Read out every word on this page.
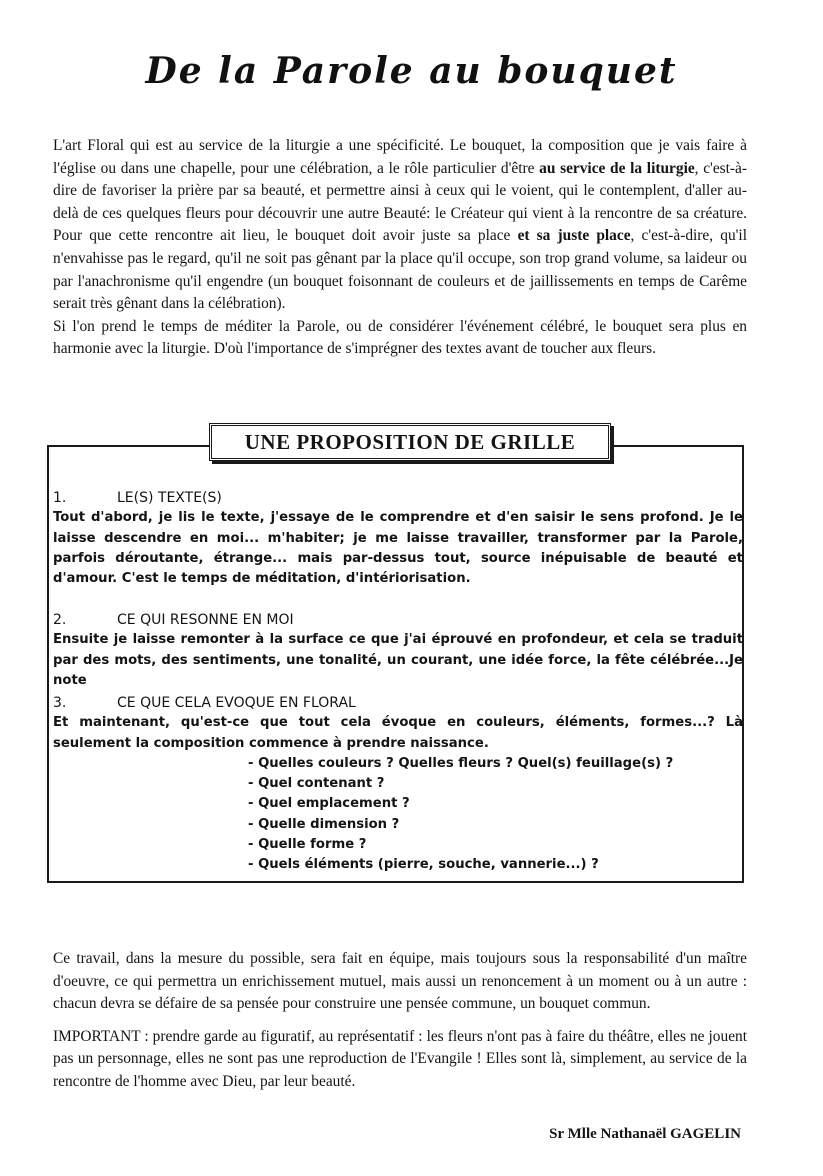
De la Parole au bouquet

L'art Floral qui est au service de la liturgie a une spécificité. Le bouquet, la composition que je vais faire à l'église ou dans une chapelle, pour une célébration, a le rôle particulier d'être au service de la liturgie, c'est-à-dire de favoriser la prière par sa beauté, et permettre ainsi à ceux qui le voient, qui le contemplent, d'aller au-delà de ces quelques fleurs pour découvrir une autre Beauté: le Créateur qui vient à la rencontre de sa créature. Pour que cette rencontre ait lieu, le bouquet doit avoir juste sa place et sa juste place, c'est-à-dire, qu'il n'envahisse pas le regard, qu'il ne soit pas gênant par la place qu'il occupe, son trop grand volume, sa laideur ou par l'anachronisme qu'il engendre (un bouquet foisonnant de couleurs et de jaillissements en temps de Carême serait très gênant dans la célébration).
Si l'on prend le temps de méditer la Parole, ou de considérer l'événement célébré, le bouquet sera plus en harmonie avec la liturgie. D'où l'importance de s'imprégner des textes avant de toucher aux fleurs.

UNE PROPOSITION DE GRILLE
1.	LE(S) TEXTE(S)

Tout d'abord, je lis le texte, j'essaye de le comprendre et d'en saisir le sens profond. Je le laisse descendre en moi... m'habiter; je me laisse travailler, transformer par la Parole, parfois déroutante, étrange... mais par-dessus tout, source inépuisable de beauté et d'amour. C'est le temps de méditation, d'intériorisation.

2.	CE QUI RESONNE EN MOI

Ensuite je laisse remonter à la surface ce que j'ai éprouvé en profondeur, et cela se traduit par des mots, des sentiments, une tonalité, un courant, une idée force, la fête célébrée...Je note

3.	CE QUE CELA EVOQUE EN FLORAL

Et maintenant, qu'est-ce que tout cela évoque en couleurs, éléments, formes...? Là seulement la composition commence à prendre naissance.

- Quelles couleurs ? Quelles fleurs ? Quel(s) feuillage(s) ?
- Quel contenant ?
- Quel emplacement ?
- Quelle dimension ?
- Quelle forme ?
- Quels éléments (pierre, souche, vannerie...) ?

Ce travail, dans la mesure du possible, sera fait en équipe, mais toujours sous la responsabilité d'un maître d'oeuvre, ce qui permettra un enrichissement mutuel, mais aussi un renoncement à un moment ou à un autre : chacun devra se défaire de sa pensée pour construire une pensée commune, un bouquet commun.

IMPORTANT : prendre garde au figuratif, au représentatif : les fleurs n'ont pas à faire du théâtre, elles ne jouent pas un personnage, elles ne sont pas une reproduction de l'Evangile ! Elles sont là, simplement, au service de la rencontre de l'homme avec Dieu, par leur beauté.

Sr Mlle Nathanaël GAGELIN
